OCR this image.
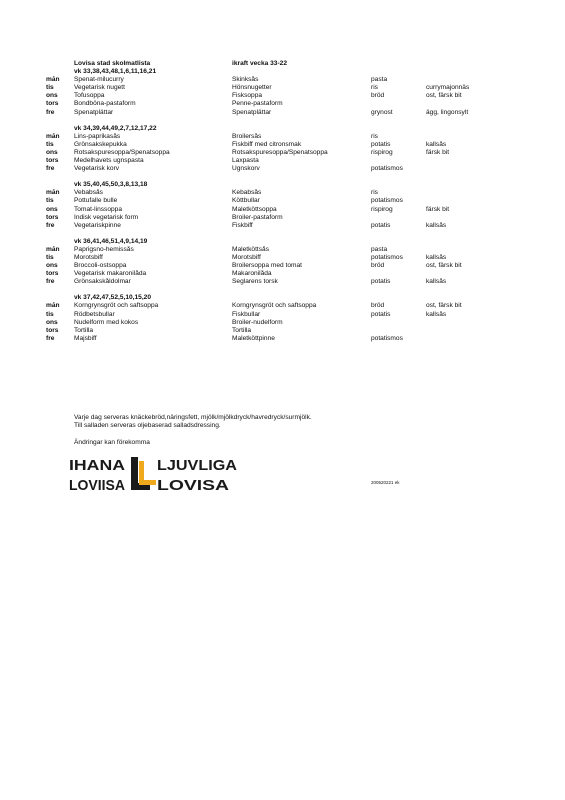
Lovisa stad skolmatlista	ikraft vecka 33-22
vk 33,38,43,48,1,6,11,16,21
mån	Spenat-milucurry	Skinksås	pasta
tis	Vegetarisk nugett	Hönsnugetter	ris	currymajonnäs
ons	Tofusoppa	Fisksoppa	bröd	ost, färsk bit
tors	Bondböna-pastaform	Penne-pastaform
fre	Spenatplättar	Spenatplättar	grynost	ägg, lingonsylt
vk 34,39,44,49,2,7,12,17,22
mån	Lins-paprikasås	Broilersås	ris
tis	Grönsakskepukka	Fiskbiff med citronsmak	potatis	kallsås
ons	Rotsakspuresoppa/Spenatsoppa	Rotsakspuresoppa/Spenatsoppa	rispirog	färsk bit
tors	Medelhavets ugnspasta	Laxpasta
fre	Vegetarisk korv	Ugnskorv	potatismos
vk 35,40,45,50,3,8,13,18
mån	Vebabsås	Kebabsås	ris
tis	Pottufalle bulle	Köttbullar	potatismos
ons	Tomat-linssoppa	Maletköttsoppa	rispirog	färsk bit
tors	Indisk vegetarisk form	Broiler-pastaform
fre	Vegetariskpinne	Fiskbiff	potatis	kallsås
vk 36,41,46,51,4,9,14,19
mån	Paprigsno-hemissås	Maletköttsås	pasta
tis	Morotsbiff	Morotsbiff	potatismos	kallsås
ons	Broccoli-ostsoppa	Broilersoppa med tomat	bröd	ost, färsk bit
tors	Vegetarisk makaronilåda	Makaronilåda
fre	Grönsakskåldolmar	Seglarens torsk	potatis	kallsås
vk 37,42,47,52,5,10,15,20
mån	Korngrynsgröt och saftsoppa	Korngrynsgröt och saftsoppa	bröd	ost, färsk bit
tis	Rödbetsbullar	Fiskbullar	potatis	kallsås
ons	Nudelform med kokos	Broiler-nudelform
tors	Tortilla	Tortilla
fre	Majsbiff	Maletköttpinne	potatismos
Varje dag serveras knäckebröd,näringsfett, mjölk/mjölkdryck/havredryck/surmjölk.
Till salladen serveras oljebaserad salladsdressing.
Ändringar kan förekomma
IHANA
LOVIISA
LJUVLIGA
LOVISA	200520221 ek
